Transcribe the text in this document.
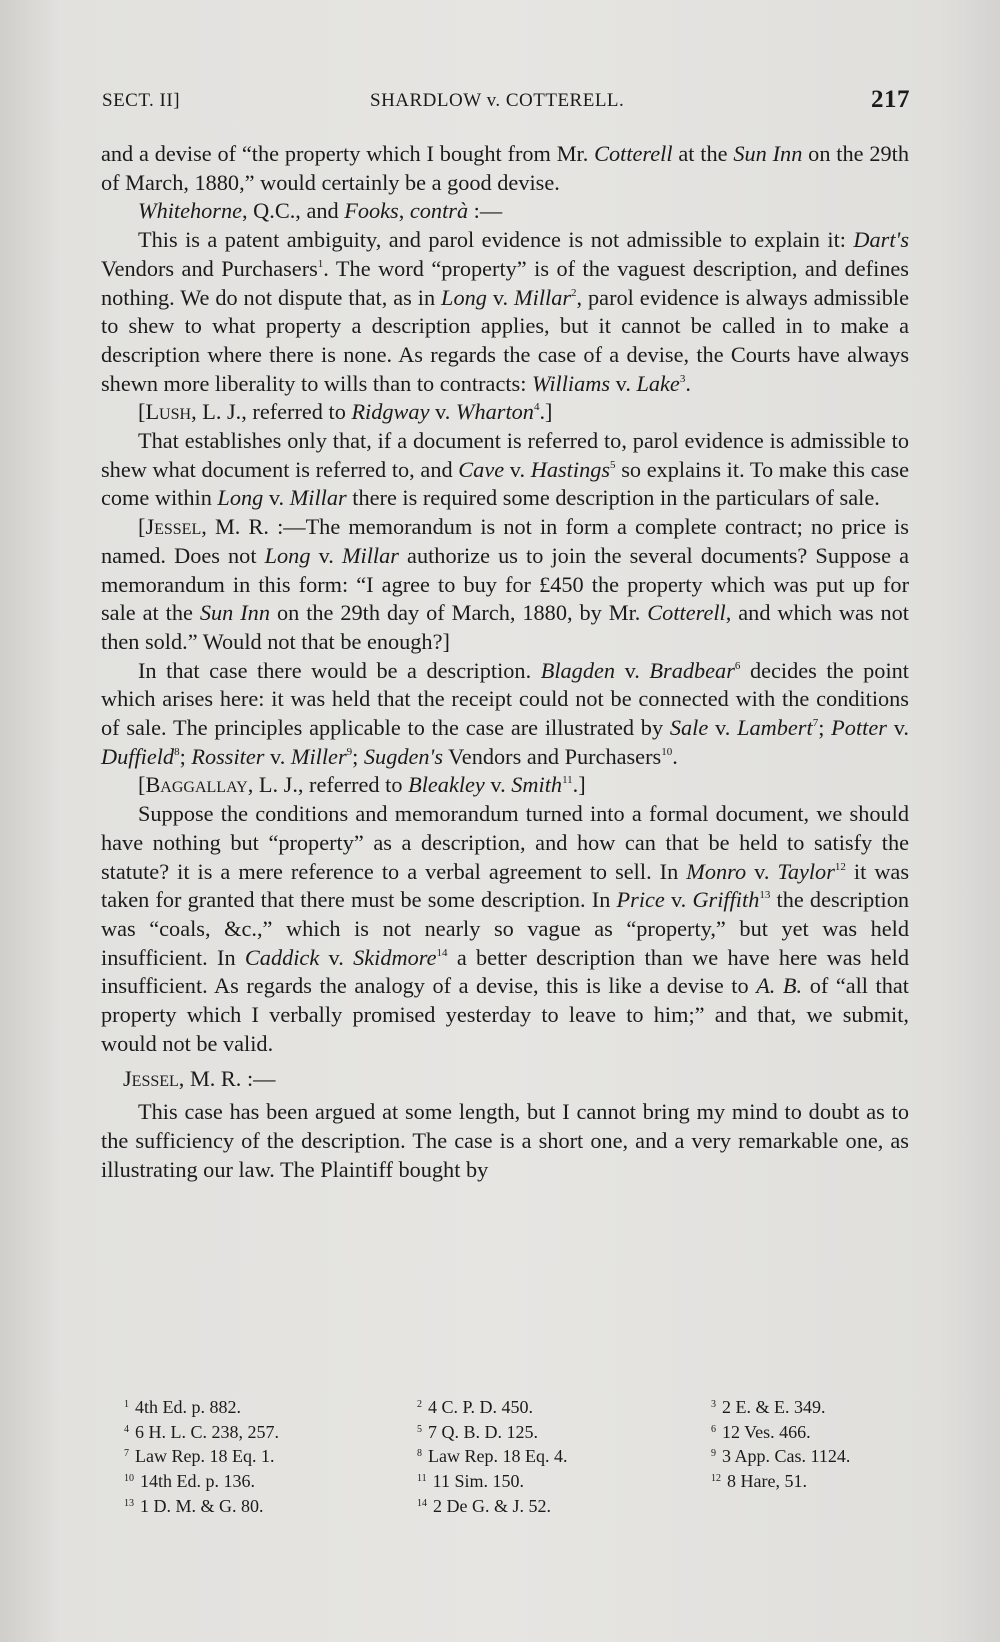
SECT. II]	SHARDLOW v. COTTERELL.	217

and a devise of “the property which I bought from Mr. Cotterell at the Sun Inn on the 29th of March, 1880,” would certainly be a good devise.

Whitehorne, Q.C., and Fooks, contrà :—

This is a patent ambiguity, and parol evidence is not admissible to explain it: Dart's Vendors and Purchasers$^1$. The word “property” is of the vaguest description, and defines nothing. We do not dispute that, as in Long v. Millar$^2$, parol evidence is always admissible to shew to what property a description applies, but it cannot be called in to make a description where there is none. As regards the case of a devise, the Courts have always shewn more liberality to wills than to contracts: Williams v. Lake$^3$.

[Lush, L. J., referred to Ridgway v. Wharton$^4$.]

That establishes only that, if a document is referred to, parol evidence is admissible to shew what document is referred to, and Cave v. Hastings$^5$ so explains it. To make this case come within Long v. Millar there is required some description in the particulars of sale.

[Jessel, M. R. :—The memorandum is not in form a complete contract; no price is named. Does not Long v. Millar authorize us to join the several documents? Suppose a memorandum in this form: “I agree to buy for £450 the property which was put up for sale at the Sun Inn on the 29th day of March, 1880, by Mr. Cotterell, and which was not then sold.” Would not that be enough?]

In that case there would be a description. Blagden v. Bradbear$^6$ decides the point which arises here: it was held that the receipt could not be connected with the conditions of sale. The principles applicable to the case are illustrated by Sale v. Lambert$^7$; Potter v. Duffield$^8$; Rossiter v. Miller$^9$; Sugden's Vendors and Purchasers$^{10}$.

[Baggallay, L. J., referred to Bleakley v. Smith$^{11}$.]

Suppose the conditions and memorandum turned into a formal document, we should have nothing but “property” as a description, and how can that be held to satisfy the statute? it is a mere reference to a verbal agreement to sell. In Monro v. Taylor$^{12}$ it was taken for granted that there must be some description. In Price v. Griffith$^{13}$ the description was “coals, &c.,” which is not nearly so vague as “property,” but yet was held insufficient. In Caddick v. Skidmore$^{14}$ a better description than we have here was held insufficient. As regards the analogy of a devise, this is like a devise to A. B. of “all that property which I verbally promised yesterday to leave to him;” and that, we submit, would not be valid.

Jessel, M. R. :—

This case has been argued at some length, but I cannot bring my mind to doubt as to the sufficiency of the description. The case is a short one, and a very remarkable one, as illustrating our law. The Plaintiff bought by

$^1$ 4th Ed. p. 882.	$^2$ 4 C. P. D. 450.	$^3$ 2 E. & E. 349.
$^4$ 6 H. L. C. 238, 257.	$^5$ 7 Q. B. D. 125.	$^6$ 12 Ves. 466.
$^7$ Law Rep. 18 Eq. 1.	$^8$ Law Rep. 18 Eq. 4.	$^9$ 3 App. Cas. 1124.
$^{10}$ 14th Ed. p. 136.	$^{11}$ 11 Sim. 150.	$^{12}$ 8 Hare, 51.
$^{13}$ 1 D. M. & G. 80.	$^{14}$ 2 De G. & J. 52.
